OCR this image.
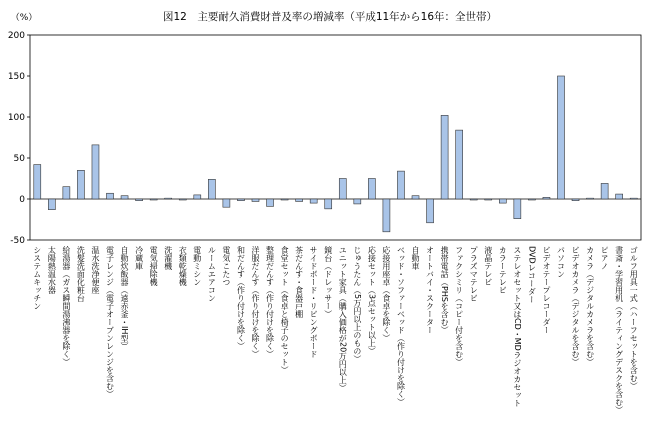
図12　主要耐久消費財普及率の増減率（平成11年から16年：全世帯）
（%）
-50
0
50
100
150
200
システムキッチン 太陽熱温水器 給湯器（ガス瞬間湯沸器を除く） 洗髪洗面化粧台 温水洗浄便座 電子レンジ（電子オーブンレンジを含む） 自動炊飯器（遠赤釜・IH型） 冷蔵庫 電気掃除機 洗濯機 衣類乾燥機 電動ミシン ルームエアコン 電気こたつ 和だんす（作り付けを除く） 洋服だんす（作り付けを除く） 整理だんす（作り付けを除く） 食堂セット（食卓と椅子のセット） 茶だんす・食器戸棚 サイドボード・リビングボード 鏡台（ドレッサー） ユニット家具（購入価格が20万円以上） じゅうたん（5万円以上のもの） 応接セット（3点セット以上） 応接用座卓（食卓を除く） ベッド・ソファーベッド（作り付けを除く） 自動車 オートバイ・スクーター 携帯電話（PHSを含む） ファクシミリ（コピー付を含む） プラズマテレビ 液晶テレビ カラーテレビ ステレオセット又はCD・MDラジオカセット DVDレコーダー ビデオテープレコーダー パソコン ビデオカメラ（デジタルを含む） カメラ（デジタルカメラを含む） ピアノ 書斎・学習用机（ライティングデスクを含む） ゴルフ用具一式（ハーフセットを含む）
